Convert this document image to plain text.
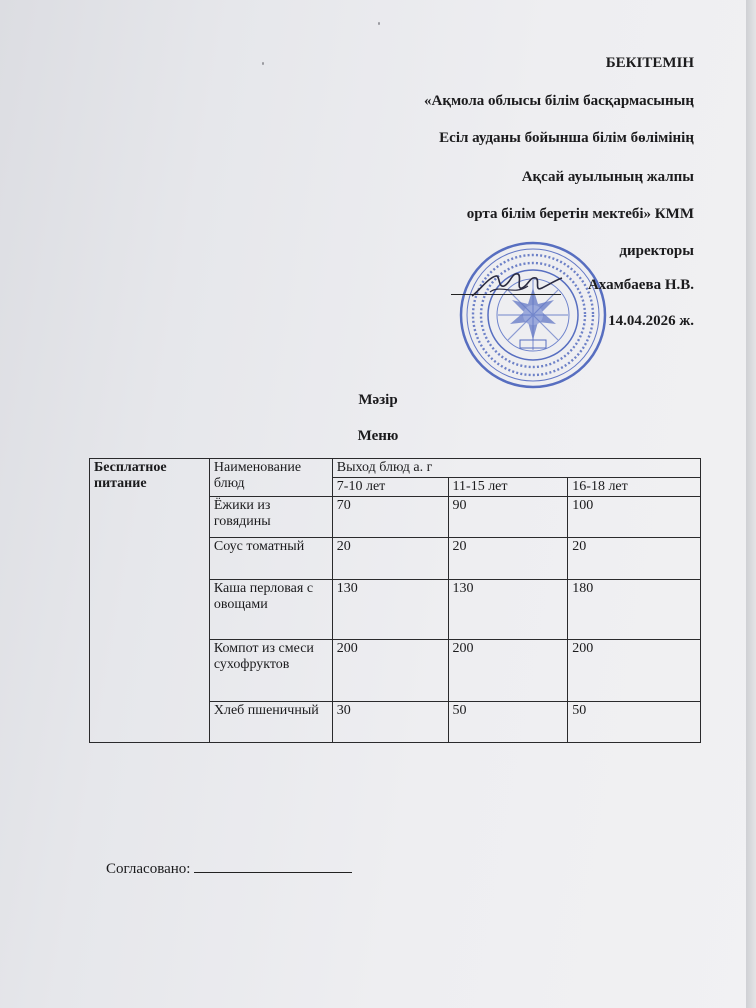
БЕКІТЕМІН
«Ақмола облысы білім басқармасының
Есіл ауданы бойынша білім бөлімінің
Ақсай ауылының жалпы
орта білім беретін мектебі» КММ
директоры
Ахамбаева Н.В.
14.04.2026 ж.
Мәзір
Меню
Бесплатное питание	Наименование блюд	Выход блюд а. г		
		7-10 лет	11-15 лет	16-18 лет
	Ёжики из говядины	70	90	100
	Соус томатный	20	20	20
	Каша перловая с овощами	130	130	180
	Компот из смеси сухофруктов	200	200	200
	Хлеб пшеничный	30	50	50
Согласовано:
